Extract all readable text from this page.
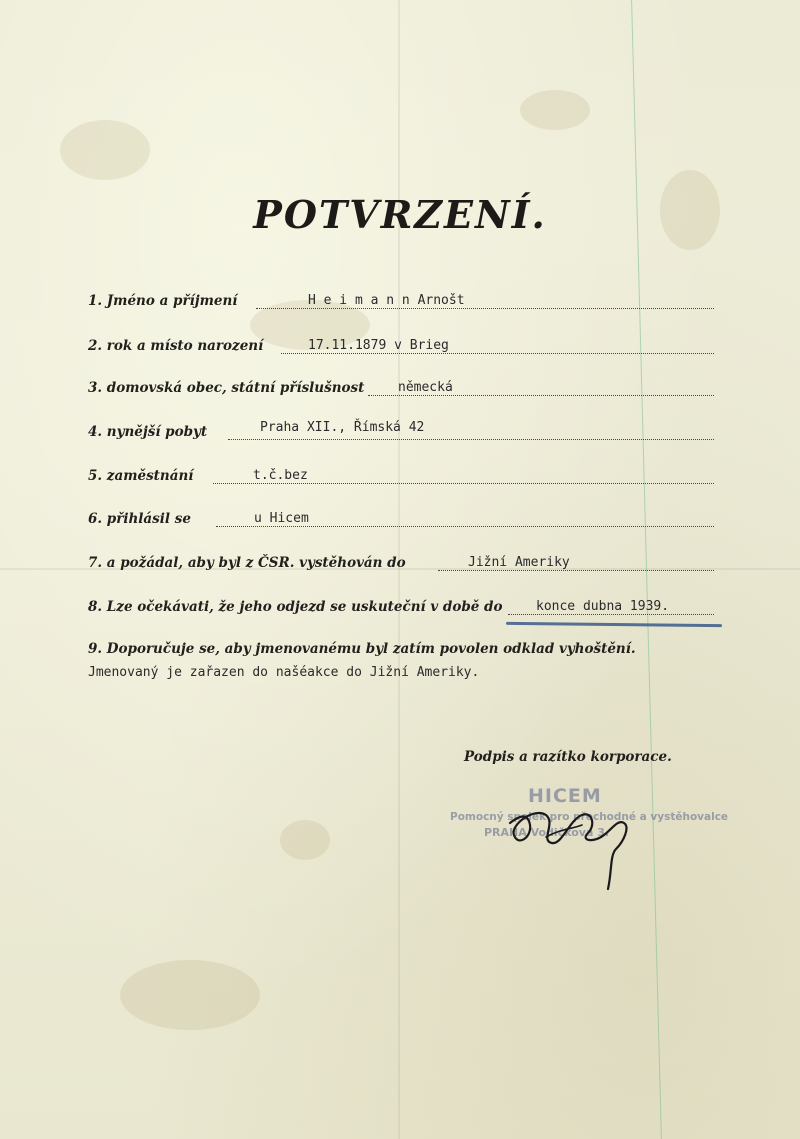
POTVRZENÍ.
1. Jméno a příjmení	H e i m a n n Arnošt
2. rok a místo narození	17.11.1879 v Brieg
3. domovská obec, státní příslušnost	německá
4. nynější pobyt	Praha XII., Římská 42
5. zaměstnání	t.č.bez
6. přihlásil se	u Hicem
7. a požádal, aby byl z ČSR. vystěhován do	Jižní Ameriky
8. Lze očekávati, že jeho odjezd se uskuteční v době do	konce dubna 1939.
9. Doporučuje se, aby jmenovanému byl zatím povolen odklad vyhoštění.
Jmenovaný je zařazen do našéakce do Jižní Ameriky.
Podpis a razítko korporace.
HICEM
Pomocný spolek pro přechodné a vystěhovalce
PRAHA Vodičkova 3.
